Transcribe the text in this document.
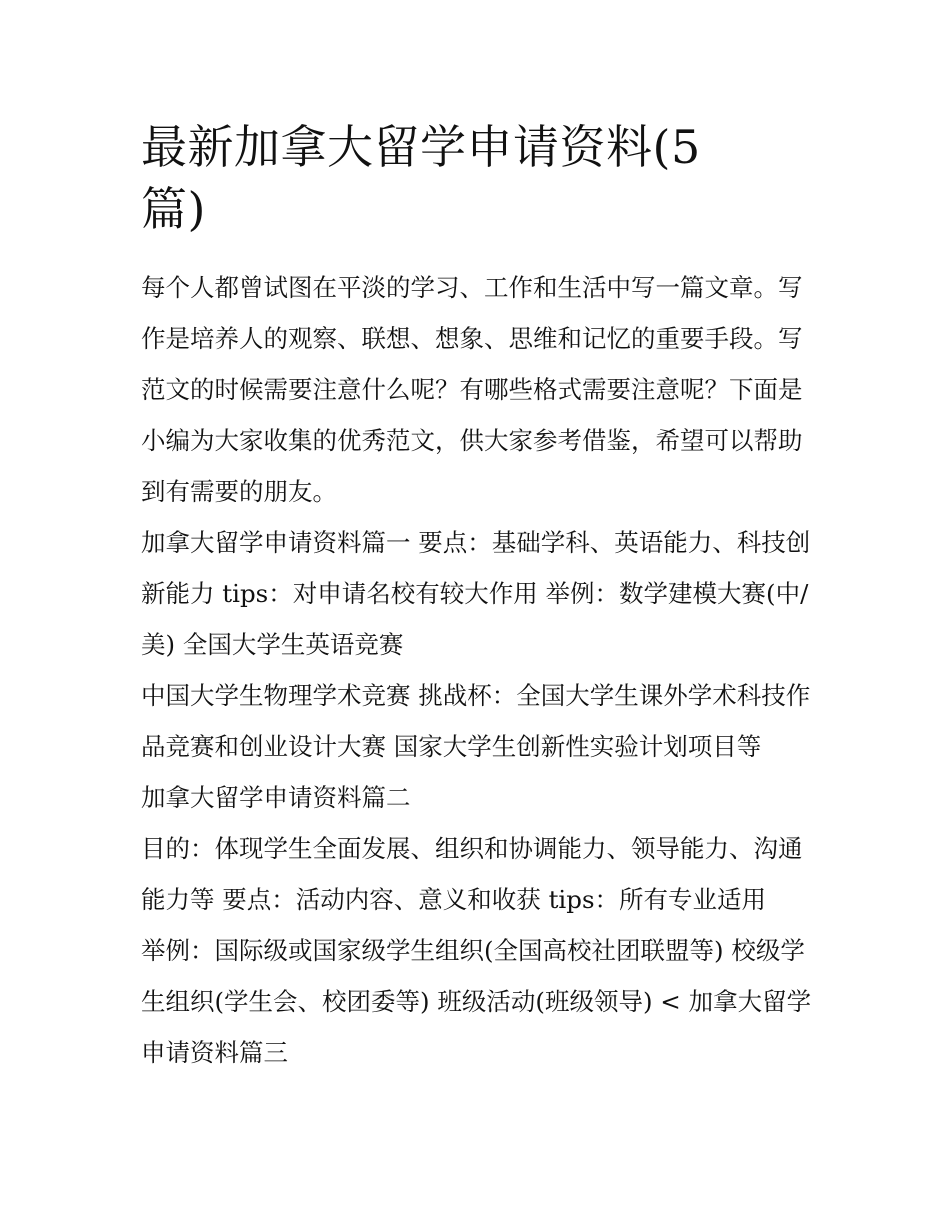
最新加拿大留学申请资料(5篇)

每个人都曾试图在平淡的学习、工作和生活中写一篇文章。写作是培养人的观察、联想、想象、思维和记忆的重要手段。写范文的时候需要注意什么呢？有哪些格式需要注意呢？下面是小编为大家收集的优秀范文，供大家参考借鉴，希望可以帮助到有需要的朋友。

加拿大留学申请资料篇一 要点：基础学科、英语能力、科技创新能力 tips：对申请名校有较大作用 举例：数学建模大赛(中/美) 全国大学生英语竞赛

中国大学生物理学术竞赛 挑战杯：全国大学生课外学术科技作品竞赛和创业设计大赛 国家大学生创新性实验计划项目等

加拿大留学申请资料篇二

目的：体现学生全面发展、组织和协调能力、领导能力、沟通能力等 要点：活动内容、意义和收获 tips：所有专业适用

举例：国际级或国家级学生组织(全国高校社团联盟等) 校级学生组织(学生会、校团委等) 班级活动(班级领导) < 加拿大留学申请资料篇三
